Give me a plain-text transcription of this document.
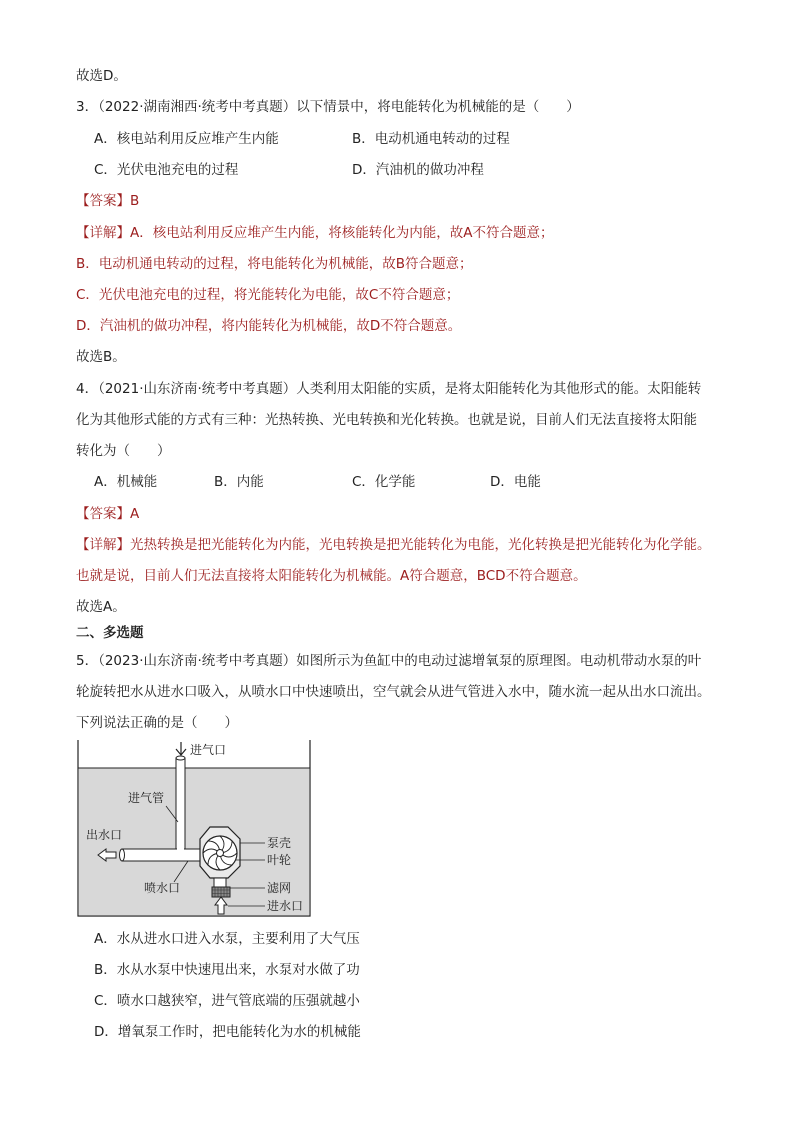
故选D。
3．（2022·湖南湘西·统考中考真题）以下情景中，将电能转化为机械能的是（　　）
A．核电站利用反应堆产生内能	B．电动机通电转动的过程
C．光伏电池充电的过程	D．汽油机的做功冲程
【答案】B
【详解】A．核电站利用反应堆产生内能，将核能转化为内能，故A不符合题意；
B．电动机通电转动的过程，将电能转化为机械能，故B符合题意；
C．光伏电池充电的过程，将光能转化为电能，故C不符合题意；
D．汽油机的做功冲程，将内能转化为机械能，故D不符合题意。
故选B。
4．（2021·山东济南·统考中考真题）人类利用太阳能的实质，是将太阳能转化为其他形式的能。太阳能转
化为其他形式能的方式有三种：光热转换、光电转换和光化转换。也就是说，目前人们无法直接将太阳能
转化为（　　）
A．机械能	B．内能	C．化学能	D．电能
【答案】A
【详解】光热转换是把光能转化为内能，光电转换是把光能转化为电能，光化转换是把光能转化为化学能。
也就是说，目前人们无法直接将太阳能转化为机械能。A符合题意，BCD不符合题意。
故选A。
二、多选题
5．（2023·山东济南·统考中考真题）如图所示为鱼缸中的电动过滤增氧泵的原理图。电动机带动水泵的叶
轮旋转把水从进水口吸入，从喷水口中快速喷出，空气就会从进气管进入水中，随水流一起从出水口流出。
下列说法正确的是（　　）
进气口
进气管
出水口
泵壳
叶轮
喷水口	滤网
进水口
A．水从进水口进入水泵，主要利用了大气压
B．水从水泵中快速甩出来，水泵对水做了功
C．喷水口越狭窄，进气管底端的压强就越小
D．增氧泵工作时，把电能转化为水的机械能
